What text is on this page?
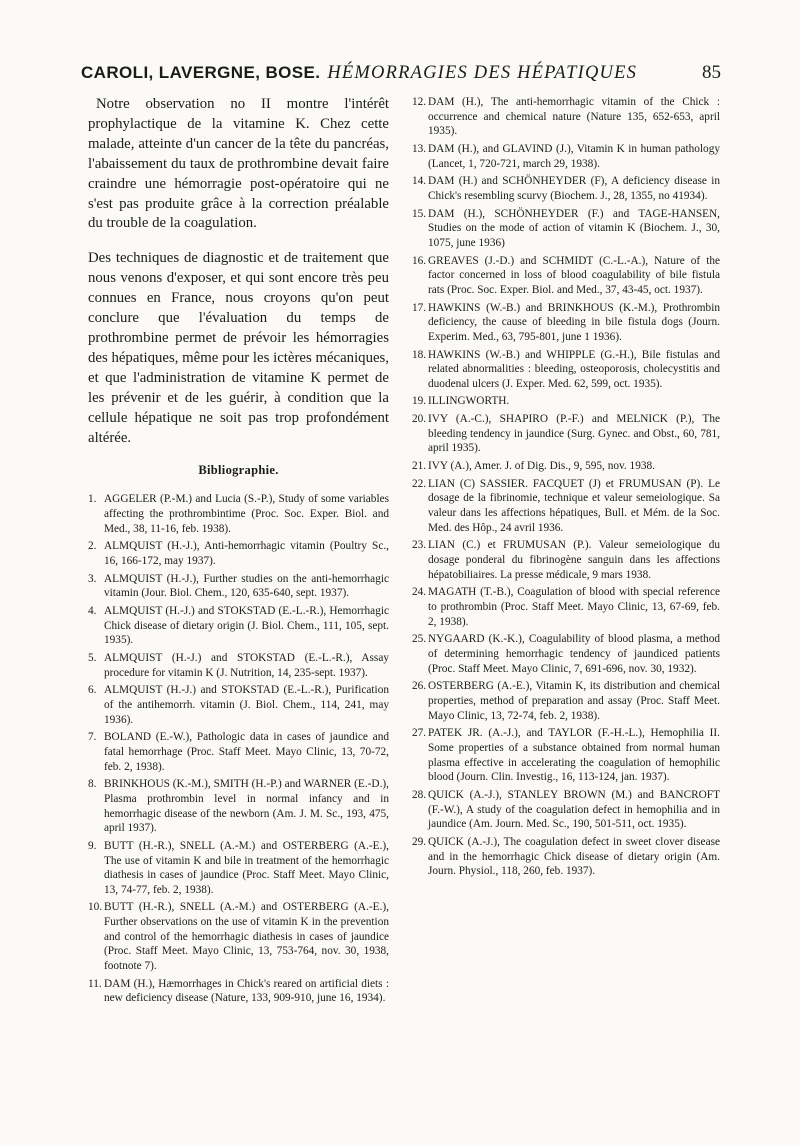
CAROLI, LAVERGNE, BOSE. HÉMORRAGIES DES HÉPATIQUES	85

Notre observation no II montre l'intérêt prophylactique de la vitamine K. Chez cette malade, atteinte d'un cancer de la tête du pancréas, l'abaissement du taux de prothrombine devait faire craindre une hémorragie post-opératoire qui ne s'est pas produite grâce à la correction préalable du trouble de la coagulation.

Des techniques de diagnostic et de traitement que nous venons d'exposer, et qui sont encore très peu connues en France, nous croyons qu'on peut conclure que l'évaluation du temps de prothrombine permet de prévoir les hémorragies des hépatiques, même pour les ictères mécaniques, et que l'administration de vitamine K permet de les prévenir et de les guérir, à condition que la cellule hépatique ne soit pas trop profondément altérée.

Bibliographie.
1. AGGELER (P.-M.) and Lucia (S.-P.), Study of some variables affecting the prothrombintime (Proc. Soc. Exper. Biol. and Med., 38, 11-16, feb. 1938).
2. ALMQUIST (H.-J.), Anti-hemorrhagic vitamin (Poultry Sc., 16, 166-172, may 1937).
3. ALMQUIST (H.-J.), Further studies on the anti-hemorrhagic vitamin (Jour. Biol. Chem., 120, 635-640, sept. 1937).
4. ALMQUIST (H.-J.) and STOKSTAD (E.-L.-R.), Hemorrhagic Chick disease of dietary origin (J. Biol. Chem., 111, 105, sept. 1935).
5. ALMQUIST (H.-J.) and STOKSTAD (E.-L.-R.), Assay procedure for vitamin K (J. Nutrition, 14, 235-sept. 1937).
6. ALMQUIST (H.-J.) and STOKSTAD (E.-L.-R.), Purification of the antihemorrh. vitamin (J. Biol. Chem., 114, 241, may 1936).
7. BOLAND (E.-W.), Pathologic data in cases of jaundice and fatal hemorrhage (Proc. Staff Meet. Mayo Clinic, 13, 70-72, feb. 2, 1938).
8. BRINKHOUS (K.-M.), SMITH (H.-P.) and WARNER (E.-D.), Plasma prothrombin level in normal infancy and in hemorrhagic disease of the newborn (Am. J. M. Sc., 193, 475, april 1937).
9. BUTT (H.-R.), SNELL (A.-M.) and OSTERBERG (A.-E.), The use of vitamin K and bile in treatment of the hemorrhagic diathesis in cases of jaundice (Proc. Staff Meet. Mayo Clinic, 13, 74-77, feb. 2, 1938).
10. BUTT (H.-R.), SNELL (A.-M.) and OSTERBERG (A.-E.), Further observations on the use of vitamin K in the prevention and control of the hemorrhagic diathesis in cases of jaundice (Proc. Staff Meet. Mayo Clinic, 13, 753-764, nov. 30, 1938, footnote 7).
11. DAM (H.), Hæmorrhages in Chick's reared on artificial diets : new deficiency disease (Nature, 133, 909-910, june 16, 1934).
12. DAM (H.), The anti-hemorrhagic vitamin of the Chick : occurrence and chemical nature (Nature 135, 652-653, april 1935).
13. DAM (H.), and GLAVIND (J.), Vitamin K in human pathology (Lancet, 1, 720-721, march 29, 1938).
14. DAM (H.) and SCHÖNHEYDER (F), A deficiency disease in Chick's resembling scurvy (Biochem. J., 28, 1355, no 41934).
15. DAM (H.), SCHÖNHEYDER (F.) and TAGE-HANSEN, Studies on the mode of action of vitamin K (Biochem. J., 30, 1075, june 1936)
16. GREAVES (J.-D.) and SCHMIDT (C.-L.-A.), Nature of the factor concerned in loss of blood coagulability of bile fistula rats (Proc. Soc. Exper. Biol. and Med., 37, 43-45, oct. 1937).
17. HAWKINS (W.-B.) and BRINKHOUS (K.-M.), Prothrombin deficiency, the cause of bleeding in bile fistula dogs (Journ. Experim. Med., 63, 795-801, june 1 1936).
18. HAWKINS (W.-B.) and WHIPPLE (G.-H.), Bile fistulas and related abnormalities : bleeding, osteoporosis, cholecystitis and duodenal ulcers (J. Exper. Med. 62, 599, oct. 1935).
19. ILLINGWORTH.
20. IVY (A.-C.), SHAPIRO (P.-F.) and MELNICK (P.), The bleeding tendency in jaundice (Surg. Gynec. and Obst., 60, 781, april 1935).
21. IVY (A.), Amer. J. of Dig. Dis., 9, 595, nov. 1938.
22. LIAN (C) SASSIER. FACQUET (J) et FRUMUSAN (P). Le dosage de la fibrinomie, technique et valeur semeiologique. Sa valeur dans les affections hépatiques, Bull. et Mém. de la Soc. Med. des Hôp., 24 avril 1936.
23. LIAN (C.) et FRUMUSAN (P.). Valeur semeiologique du dosage ponderal du fibrinogène sanguin dans les affections hépatobiliaires. La presse médicale, 9 mars 1938.
24. MAGATH (T.-B.), Coagulation of blood with special reference to prothrombin (Proc. Staff Meet. Mayo Clinic, 13, 67-69, feb. 2, 1938).
25. NYGAARD (K.-K.), Coagulability of blood plasma, a method of determining hemorrhagic tendency of jaundiced patients (Proc. Staff Meet. Mayo Clinic, 7, 691-696, nov. 30, 1932).
26. OSTERBERG (A.-E.), Vitamin K, its distribution and chemical properties, method of preparation and assay (Proc. Staff Meet. Mayo Clinic, 13, 72-74, feb. 2, 1938).
27. PATEK JR. (A.-J.), and TAYLOR (F.-H.-L.), Hemophilia II. Some properties of a substance obtained from normal human plasma effective in accelerating the coagulation of hemophilic blood (Journ. Clin. Investig., 16, 113-124, jan. 1937).
28. QUICK (A.-J.), STANLEY BROWN (M.) and BANCROFT (F.-W.), A study of the coagulation defect in hemophilia and in jaundice (Am. Journ. Med. Sc., 190, 501-511, oct. 1935).
29. QUICK (A.-J.), The coagulation defect in sweet clover disease and in the hemorrhagic Chick disease of dietary origin (Am. Journ. Physiol., 118, 260, feb. 1937).
